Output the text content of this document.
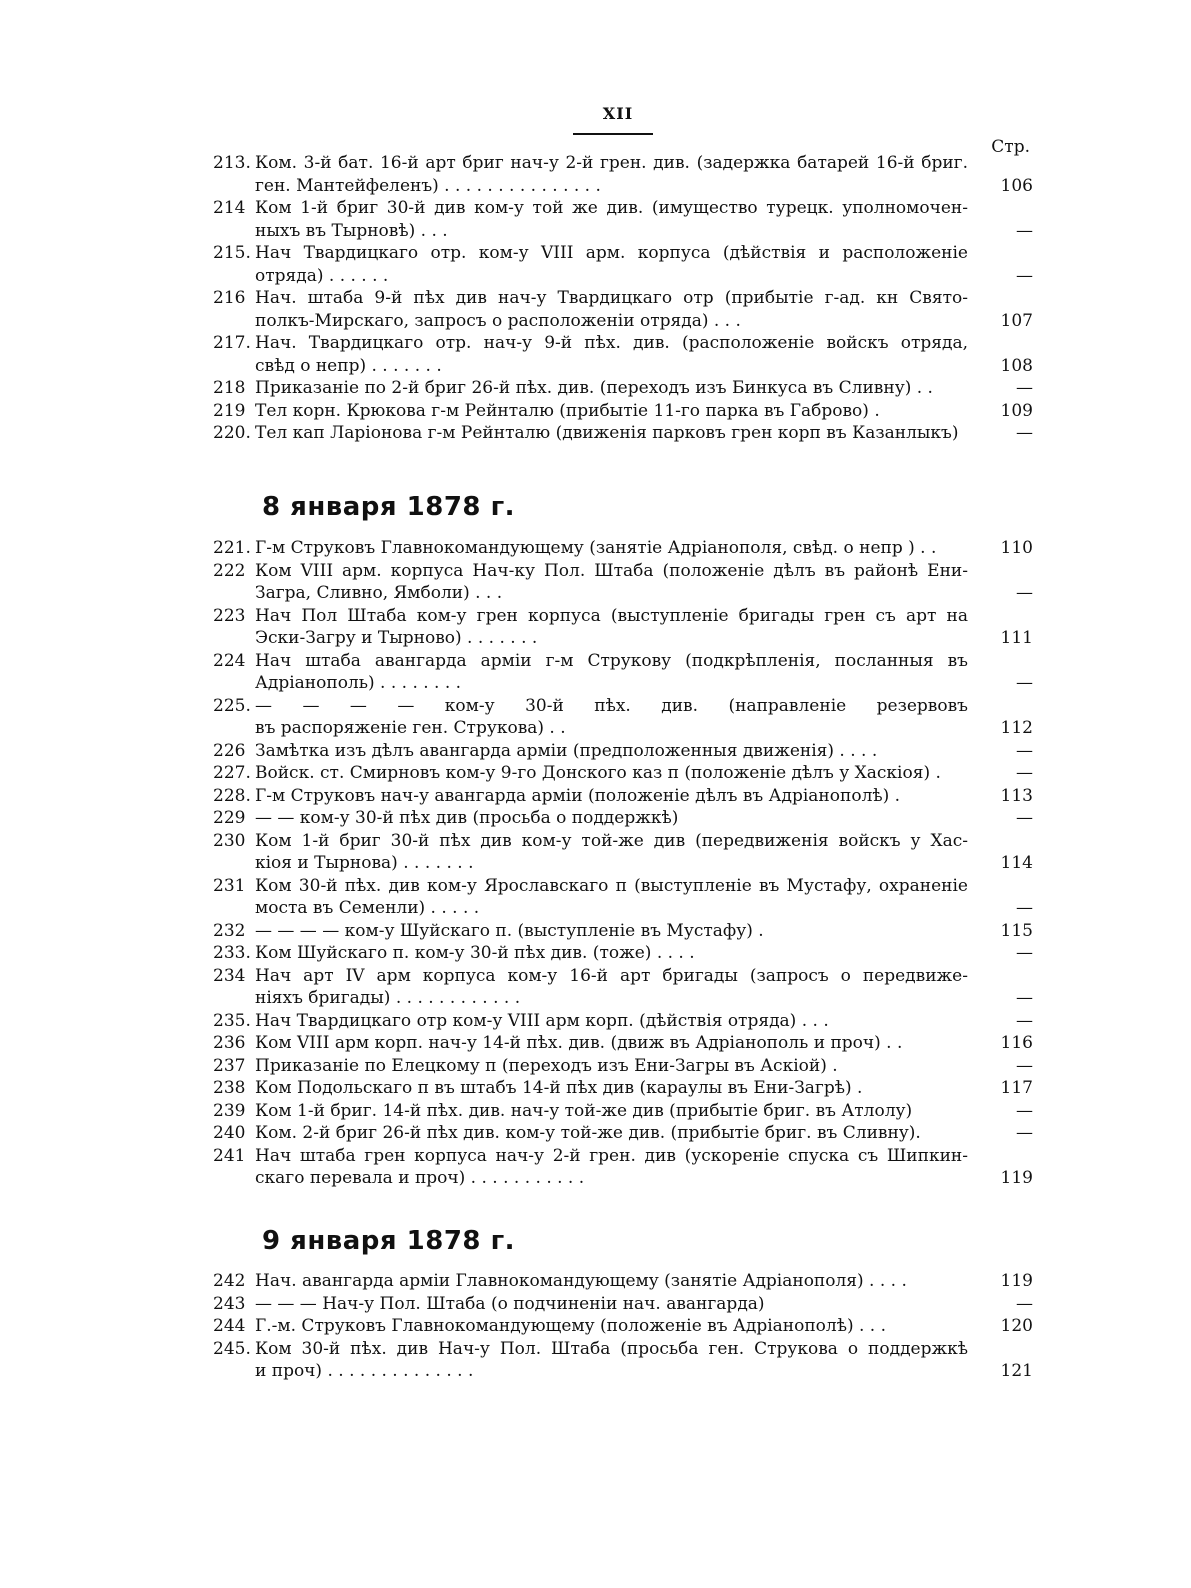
XII
Стр.
213. Ком. 3-й бат. 16-й арт бриг нач-у 2-й грен. див. (задержка батарей 16-й бриг.
ген. Мантейфеленъ) . . . . . . . . . . . . . . .	106
214 Ком 1-й бриг 30-й див ком-у той же див. (имущество турецк. уполномочен-
ныхъ въ Тырновѣ) . . .	—
215. Нач Твардицкаго отр. ком-у VIII арм. корпуса (дѣйствія и расположеніе
отряда) . . . . . .	—
216 Нач. штаба 9-й пѣх див нач-у Твардицкаго отр (прибытіе г-ад. кн Свято-
полкъ-Мирскаго, запросъ о расположеніи отряда) . . .	107
217. Нач. Твардицкаго отр. нач-у 9-й пѣх. див. (расположеніе войскъ отряда,
свѣд о непр) . . . . . . .	108
218 Приказаніе по 2-й бриг 26-й пѣх. див. (переходъ изъ Бинкуса въ Сливну) . .	—
219 Тел корн. Крюкова г-м Рейнталю (прибытіе 11-го парка въ Габрово) .	109
220. Тел кап Ларіонова г-м Рейнталю (движенія парковъ грен корп въ Казанлыкъ)	—
8 января 1878 г.
221. Г-м Струковъ Главнокомандующему (занятіе Адріанополя, свѣд. о непр ) . .	110
222 Ком VIII арм. корпуса Нач-ку Пол. Штаба (положеніе дѣлъ въ районѣ Ени-
Загра, Сливно, Ямболи) . . .	—
223 Нач Пол Штаба ком-у грен корпуса (выступленіе бригады грен съ арт на
Эски-Загру и Тырново) . . . . . . .	111
224 Нач штаба авангарда арміи г-м Струкову (подкрѣпленія, посланныя въ
Адріанополь) . . . . . . . .	—
225. — — — — ком-у 30-й пѣх. див. (направленіе резервовъ
въ распоряженіе ген. Струкова) . .	112
226 Замѣтка изъ дѣлъ авангарда арміи (предположенныя движенія) . . . .	—
227. Войск. ст. Смирновъ ком-у 9-го Донского каз п (положеніе дѣлъ у Хаскіоя) .	—
228. Г-м Струковъ нач-у авангарда арміи (положеніе дѣлъ въ Адріанополѣ) .	113
229 — — ком-у 30-й пѣх див (просьба о поддержкѣ)	—
230 Ком 1-й бриг 30-й пѣх див ком-у той-же див (передвиженія войскъ у Хас-
кіоя и Тырнова) . . . . . . .	114
231 Ком 30-й пѣх. див ком-у Ярославскаго п (выступленіе въ Мустафу, охраненіе
моста въ Семенли) . . . . .	—
232 — — — — ком-у Шуйскаго п. (выступленіе въ Мустафу) .	115
233. Ком Шуйскаго п. ком-у 30-й пѣх див. (тоже) . . . .	—
234 Нач арт IV арм корпуса ком-у 16-й арт бригады (запросъ о передвиже-
ніяхъ бригады) . . . . . . . . . . . .	—
235. Нач Твардицкаго отр ком-у VIII арм корп. (дѣйствія отряда) . . .	—
236 Ком VIII арм корп. нач-у 14-й пѣх. див. (движ въ Адріанополь и проч) . .	116
237 Приказаніе по Елецкому п (переходъ изъ Ени-Загры въ Аскіой) .	—
238 Ком Подольскаго п въ штабъ 14-й пѣх див (караулы въ Ени-Загрѣ) .	117
239 Ком 1-й бриг. 14-й пѣх. див. нач-у той-же див (прибытіе бриг. въ Атлолу)	—
240 Ком. 2-й бриг 26-й пѣх див. ком-у той-же див. (прибытіе бриг. въ Сливну).	—
241 Нач штаба грен корпуса нач-у 2-й грен. див (ускореніе спуска съ Шипкин-
скаго перевала и проч) . . . . . . . . . . .	119
9 января 1878 г.
242 Нач. авангарда арміи Главнокомандующему (занятіе Адріанополя) . . . .	119
243 — — — Нач-у Пол. Штаба (о подчиненіи нач. авангарда)	—
244 Г.-м. Струковъ Главнокомандующему (положеніе въ Адріанополѣ) . . .	120
245. Ком 30-й пѣх. див Нач-у Пол. Штаба (просьба ген. Струкова о поддержкѣ
и проч) . . . . . . . . . . . . . .	121
